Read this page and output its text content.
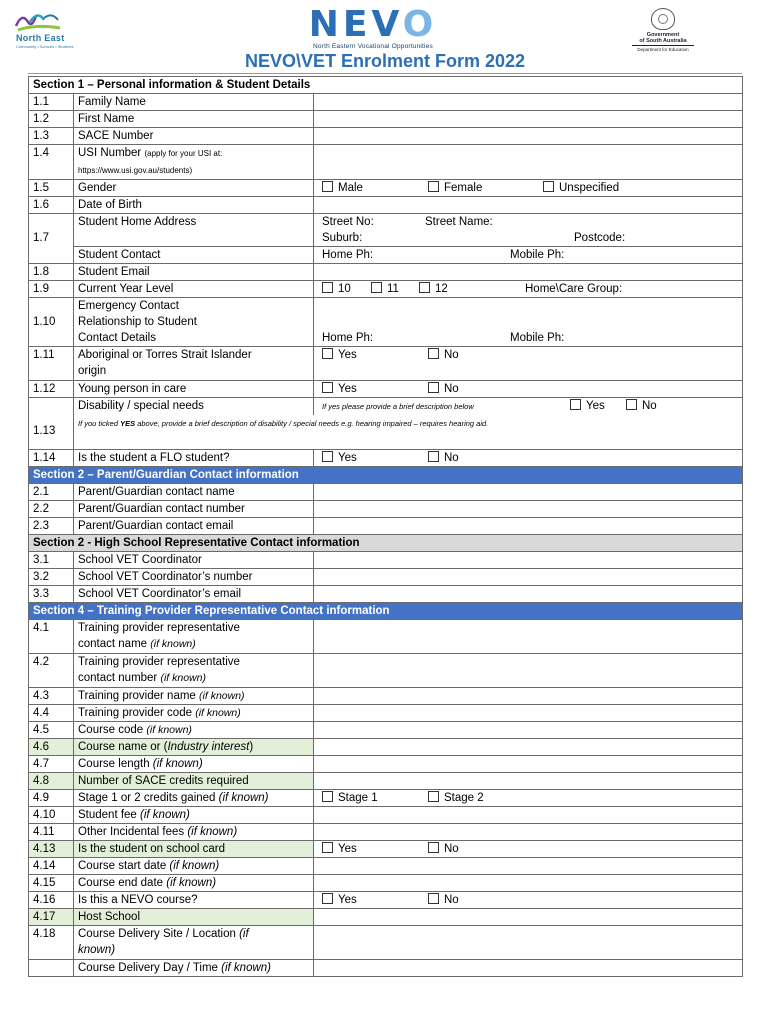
North East
Community • Schools • Students
NEVO
North Eastern Vocational Opportunities
Government
of South Australia
Department for Education
NEVO\VET Enrolment Form 2022
Section 1 – Personal information & Student Details		
1.1	Family Name	
1.2	First Name	
1.3	SACE Number	
1.4	USI Number (apply for your USI at:
https://www.usi.gov.au/students)	
1.5	Gender	Male Female Unspecified
1.6	Date of Birth	
	Student Home Address	Street No: Street Name:
1.7		Suburb: Postcode:
	Student Contact	Home Ph: Mobile Ph:
1.8	Student Email	
1.9	Current Year Level	10 11 12 Home\Care Group:
	Emergency Contact	
1.10	Relationship to Student	
	Contact Details	Home Ph: Mobile Ph:
1.11	Aboriginal or Torres Strait Islander
origin	Yes No
1.12	Young person in care	Yes No
	Disability / special needs	If yes please provide a brief description below Yes No
1.13	If you ticked YES above, provide a brief description of disability / special needs e.g. hearing impaired – requires hearing aid.	
1.14	Is the student a FLO student?	Yes No
Section 2 – Parent/Guardian Contact information		
2.1	Parent/Guardian contact name	
2.2	Parent/Guardian contact number	
2.3	Parent/Guardian contact email	
Section 2 - High School Representative Contact information		
3.1	School VET Coordinator	
3.2	School VET Coordinator’s number	
3.3	School VET Coordinator’s email	
Section 4 – Training Provider Representative Contact information		
4.1	Training provider representative
contact name (if known)	
4.2	Training provider representative
contact number (if known)	
4.3	Training provider name (if known)	
4.4	Training provider code (if known)	
4.5	Course code (if known)	
4.6	Course name or (Industry interest)	
4.7	Course length (if known)	
4.8	Number of SACE credits required	
4.9	Stage 1 or 2 credits gained (if known)	Stage 1 Stage 2
4.10	Student fee (if known)	
4.11	Other Incidental fees (if known)	
4.13	Is the student on school card	Yes No
4.14	Course start date (if known)	
4.15	Course end date (if known)	
4.16	Is this a NEVO course?	Yes No
4.17	Host School	
4.18	Course Delivery Site / Location (if
known)	
	Course Delivery Day / Time (if known)	
